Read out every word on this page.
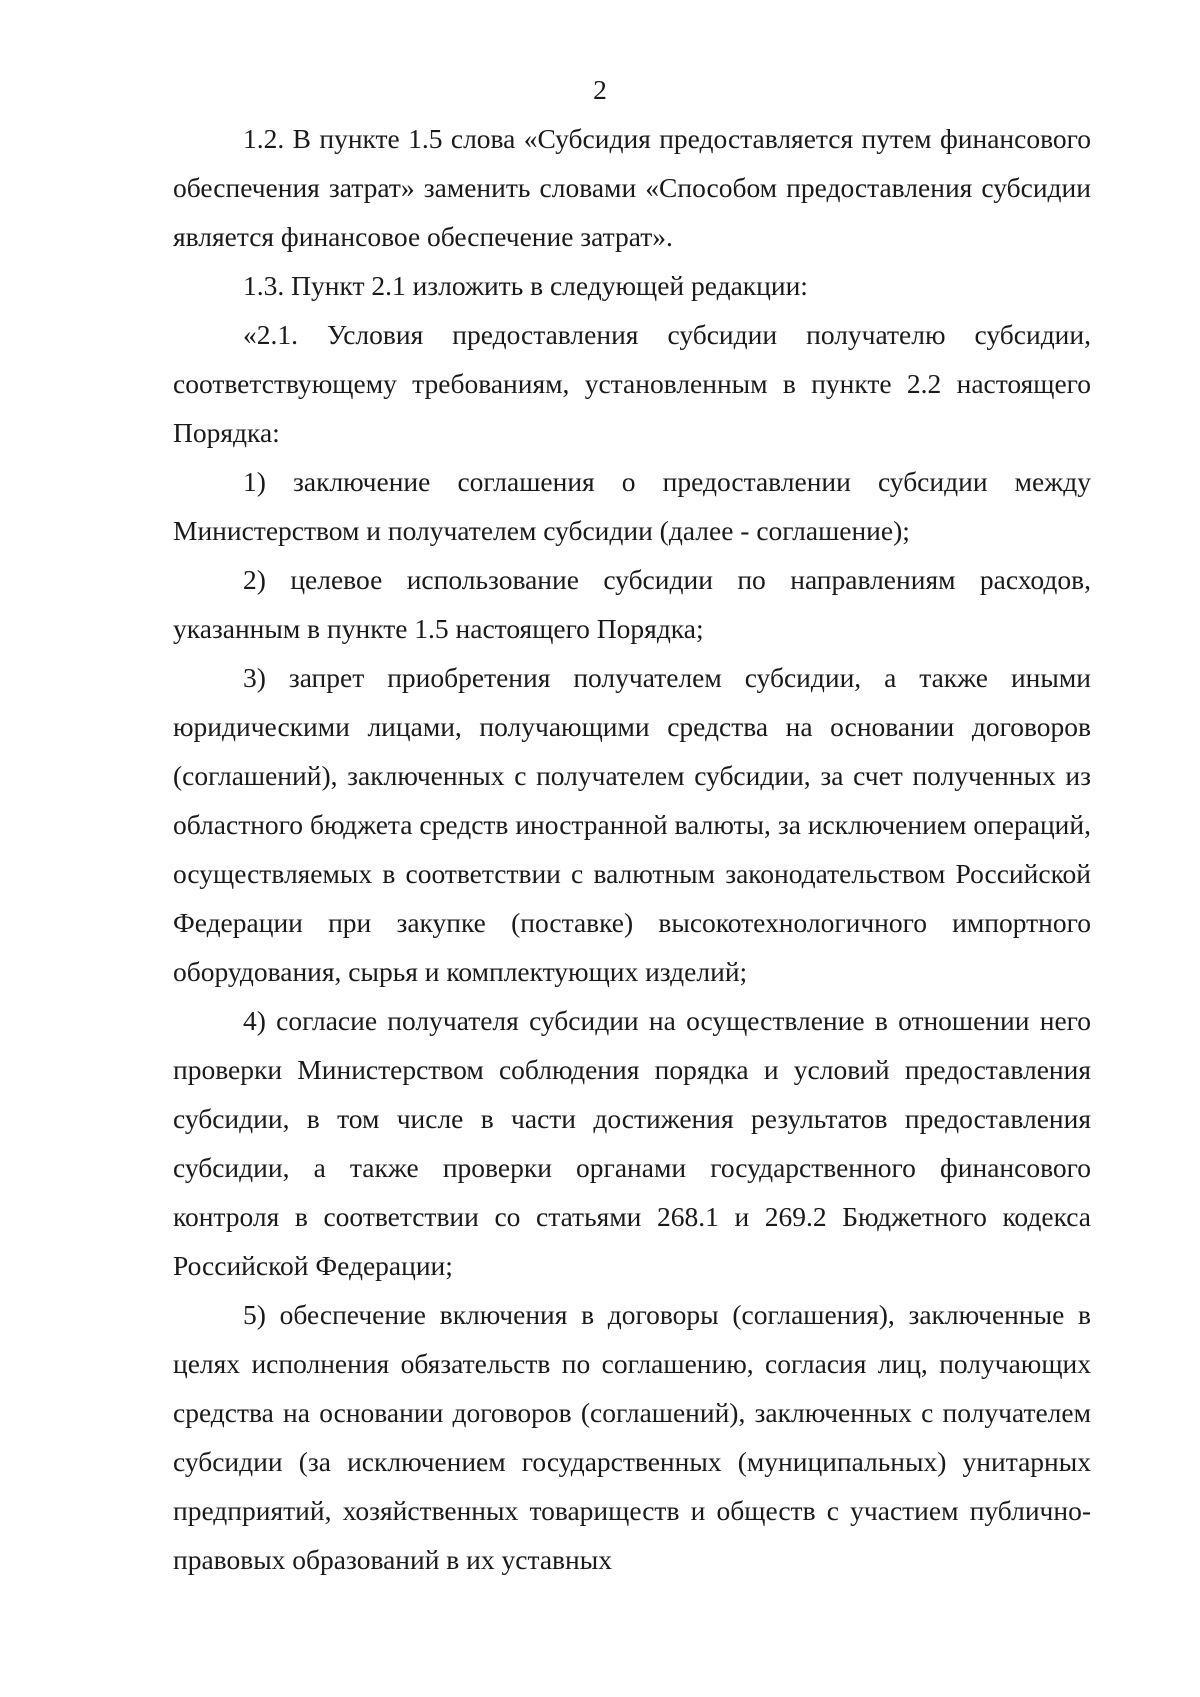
2

1.2. В пункте 1.5 слова «Субсидия предоставляется путем финансового обеспечения затрат» заменить словами «Способом предоставления субсидии является финансовое обеспечение затрат».

1.3. Пункт 2.1 изложить в следующей редакции:

«2.1. Условия предоставления субсидии получателю субсидии, соответствующему требованиям, установленным в пункте 2.2 настоящего Порядка:

1) заключение соглашения о предоставлении субсидии между Министерством и получателем субсидии (далее - соглашение);

2) целевое использование субсидии по направлениям расходов, указанным в пункте 1.5 настоящего Порядка;

3) запрет приобретения получателем субсидии, а также иными юридическими лицами, получающими средства на основании договоров (соглашений), заключенных с получателем субсидии, за счет полученных из областного бюджета средств иностранной валюты, за исключением операций, осуществляемых в соответствии с валютным законодательством Российской Федерации при закупке (поставке) высокотехнологичного импортного оборудования, сырья и комплектующих изделий;

4) согласие получателя субсидии на осуществление в отношении него проверки Министерством соблюдения порядка и условий предоставления субсидии, в том числе в части достижения результатов предоставления субсидии, а также проверки органами государственного финансового контроля в соответствии со статьями 268.1 и 269.2 Бюджетного кодекса Российской Федерации;

5) обеспечение включения в договоры (соглашения), заключенные в целях исполнения обязательств по соглашению, согласия лиц, получающих средства на основании договоров (соглашений), заключенных с получателем субсидии (за исключением государственных (муниципальных) унитарных предприятий, хозяйственных товариществ и обществ с участием публично-правовых образований в их уставных
